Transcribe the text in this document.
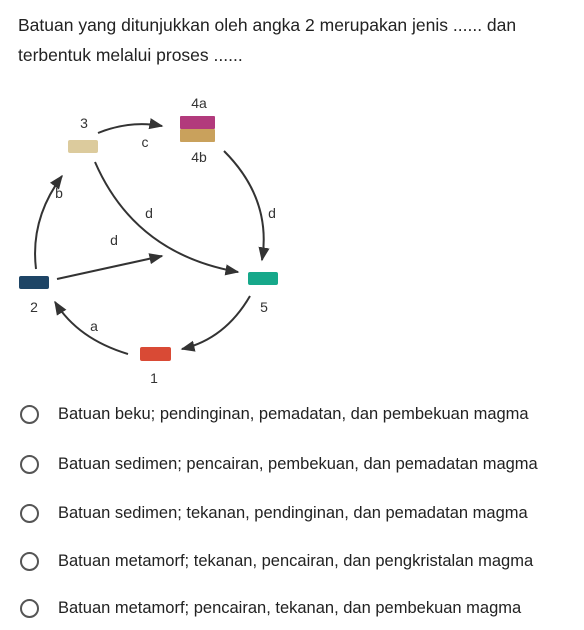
Batuan yang ditunjukkan oleh angka 2 merupakan jenis ...... dan
terbentuk melalui proses ......
3
4a
4b
2	5
1
c
b
d
d
d
a
Batuan beku; pendinginan, pemadatan, dan pembekuan magma
Batuan sedimen; pencairan, pembekuan, dan pemadatan magma
Batuan sedimen; tekanan, pendinginan, dan pemadatan magma
Batuan metamorf; tekanan, pencairan, dan pengkristalan magma
Batuan metamorf; pencairan, tekanan, dan pembekuan magma
